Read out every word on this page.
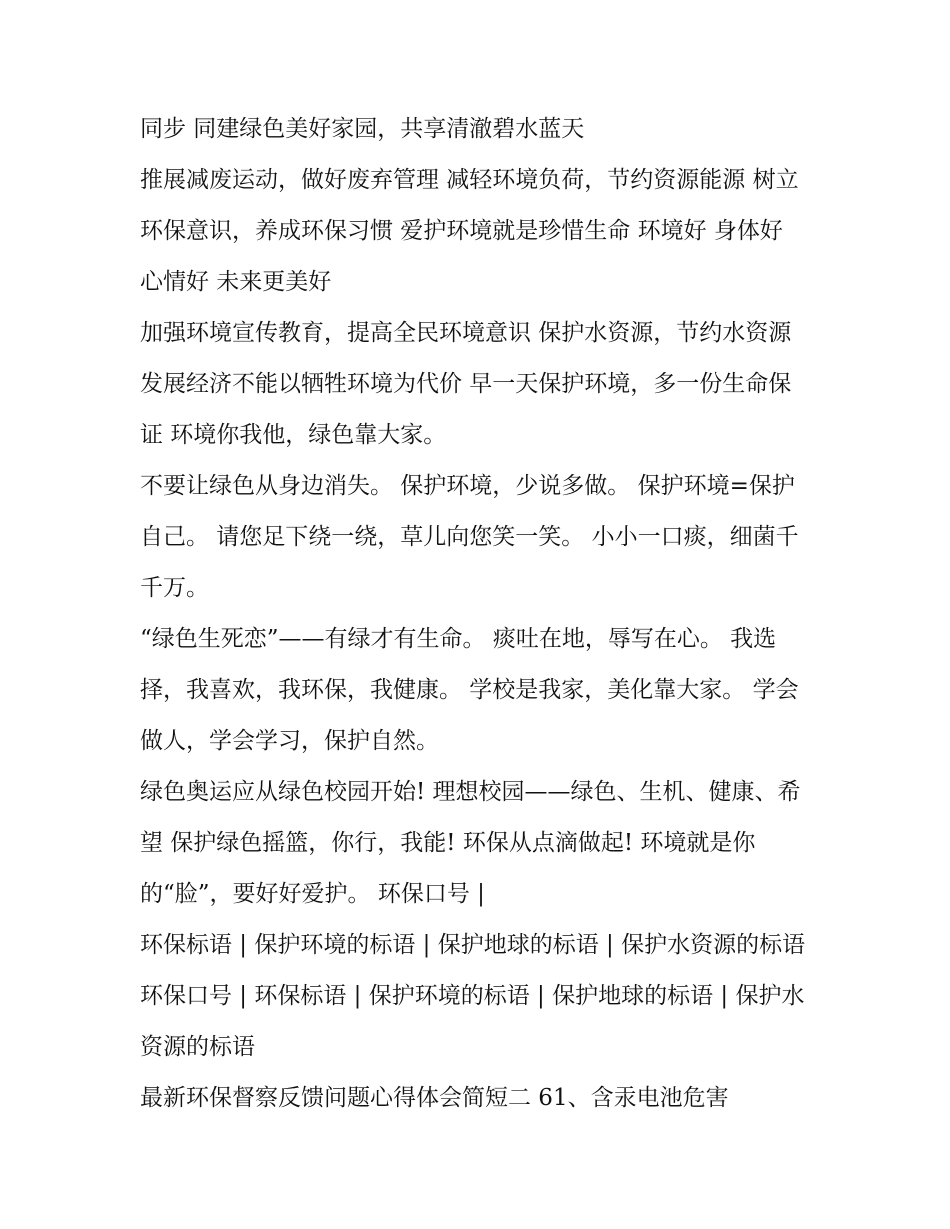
同步 同建绿色美好家园，共享清澈碧水蓝天

推展减废运动，做好废弃管理 减轻环境负荷，节约资源能源 树立环保意识，养成环保习惯 爱护环境就是珍惜生命 环境好 身体好 心情好 未来更美好

加强环境宣传教育，提高全民环境意识 保护水资源，节约水资源 发展经济不能以牺牲环境为代价 早一天保护环境，多一份生命保证 环境你我他，绿色靠大家。

不要让绿色从身边消失。 保护环境，少说多做。 保护环境=保护自己。 请您足下绕一绕，草儿向您笑一笑。 小小一口痰，细菌千千万。

“绿色生死恋”——有绿才有生命。 痰吐在地，辱写在心。 我选择，我喜欢，我环保，我健康。 学校是我家，美化靠大家。 学会做人，学会学习，保护自然。

绿色奥运应从绿色校园开始! 理想校园——绿色、生机、健康、希望 保护绿色摇篮，你行，我能! 环保从点滴做起! 环境就是你的“脸”，要好好爱护。 环保口号 |

环保标语 | 保护环境的标语 | 保护地球的标语 | 保护水资源的标语 环保口号 | 环保标语 | 保护环境的标语 | 保护地球的标语 | 保护水资源的标语

最新环保督察反馈问题心得体会简短二 61、含汞电池危害
